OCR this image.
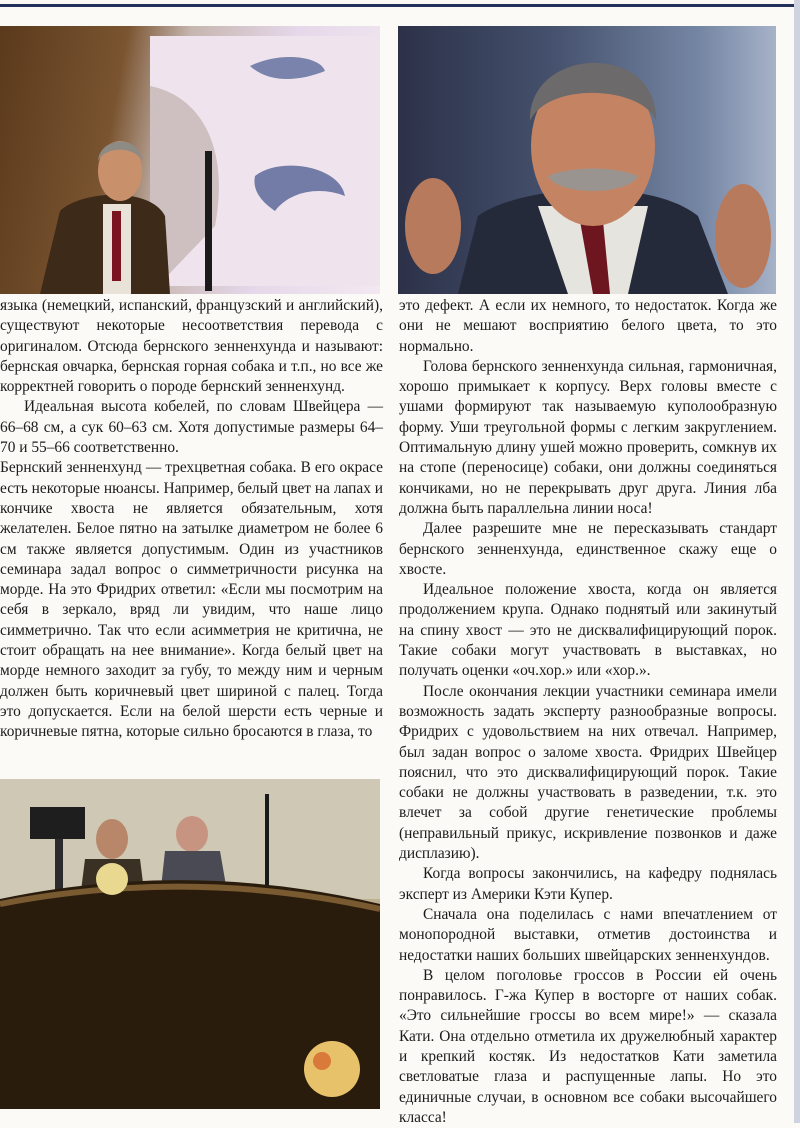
языка (немецкий, испанский, французский и английский), существуют некоторые несоответствия перевода с оригиналом. Отсюда бернского зенненхунда и называют: бернская овчарка, бернская горная собака и т.п., но все же корректней говорить о породе бернский зенненхунд.

Идеальная высота кобелей, по словам Швейцера — 66–68 см, а сук 60–63 см. Хотя допустимые размеры 64–70 и 55–66 соответственно.

Бернский зенненхунд — трехцветная собака. В его окрасе есть некоторые нюансы. Например, белый цвет на лапах и кончике хвоста не является обязательным, хотя желателен. Белое пятно на затылке диаметром не более 6 см также является допустимым. Один из участников семинара задал вопрос о симметричности рисунка на морде. На это Фридрих ответил: «Если мы посмотрим на себя в зеркало, вряд ли увидим, что наше лицо симметрично. Так что если асимметрия не критична, не стоит обращать на нее внимание». Когда белый цвет на морде немного заходит за губу, то между ним и черным должен быть коричневый цвет шириной с палец. Тогда это допускается. Если на белой шерсти есть черные и коричневые пятна, которые сильно бросаются в глаза, то

это дефект. А если их немного, то недостаток. Когда же они не мешают восприятию белого цвета, то это нормально.

Голова бернского зенненхунда сильная, гармоничная, хорошо примыкает к корпусу. Верх головы вместе с ушами формируют так называемую куполообразную форму. Уши треугольной формы с легким закруглением. Оптимальную длину ушей можно проверить, сомкнув их на стопе (переносице) собаки, они должны соединяться кончиками, но не перекрывать друг друга. Линия лба должна быть параллельна линии носа!

Далее разрешите мне не пересказывать стандарт бернского зенненхунда, единственное скажу еще о хвосте.

Идеальное положение хвоста, когда он является продолжением крупа. Однако поднятый или закинутый на спину хвост — это не дисквалифицирующий порок. Такие собаки могут участвовать в выставках, но получать оценки «оч.хор.» или «хор.».

После окончания лекции участники семинара имели возможность задать эксперту разнообразные вопросы. Фридрих с удовольствием на них отвечал. Например, был задан вопрос о заломе хвоста. Фридрих Швейцер пояснил, что это дисквалифицирующий порок. Такие собаки не должны участвовать в разведении, т.к. это влечет за собой другие генетические проблемы (неправильный прикус, искривление позвонков и даже дисплазию).

Когда вопросы закончились, на кафедру поднялась эксперт из Америки Кэти Купер.

Сначала она поделилась с нами впечатлением от монопородной выставки, отметив достоинства и недостатки наших больших швейцарских зенненхундов.

В целом поголовье гроссов в России ей очень понравилось. Г-жа Купер в восторге от наших собак. «Это сильнейшие гроссы во всем мире!» — сказала Кати. Она отдельно отметила их дружелюбный характер и крепкий костяк. Из недостатков Кати заметила светловатые глаза и распущенные лапы. Но это единичные случаи, в основном все собаки высочайшего класса!
